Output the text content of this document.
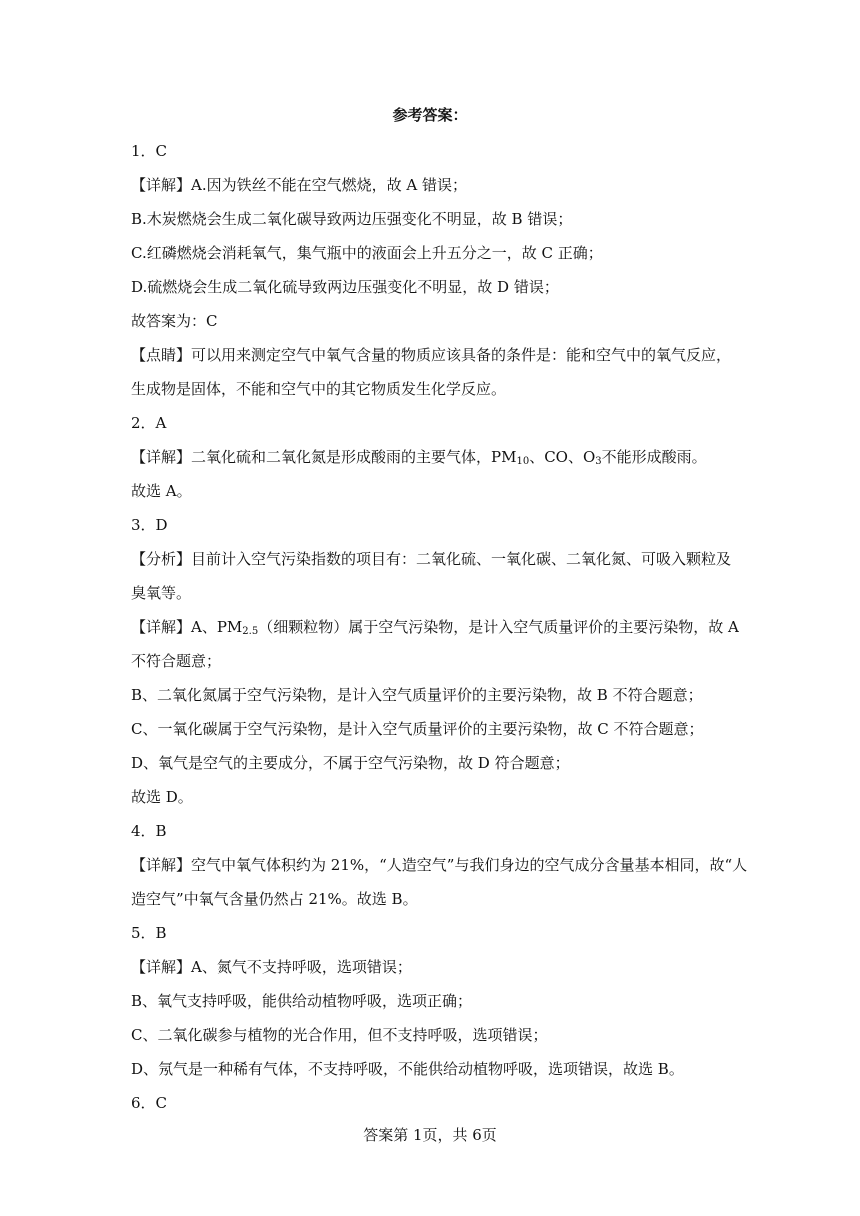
参考答案：
1．C
【详解】A.因为铁丝不能在空气燃烧，故 A 错误；
B.木炭燃烧会生成二氧化碳导致两边压强变化不明显，故 B 错误；
C.红磷燃烧会消耗氧气，集气瓶中的液面会上升五分之一，故 C 正确；
D.硫燃烧会生成二氧化硫导致两边压强变化不明显，故 D 错误；
故答案为：C
【点睛】可以用来测定空气中氧气含量的物质应该具备的条件是：能和空气中的氧气反应，
生成物是固体，不能和空气中的其它物质发生化学反应。
2．A
【详解】二氧化硫和二氧化氮是形成酸雨的主要气体，$PM_{10}$、CO、$O_3$不能形成酸雨。
故选 A。
3．D
【分析】目前计入空气污染指数的项目有：二氧化硫、一氧化碳、二氧化氮、可吸入颗粒及
臭氧等。
【详解】A、$PM_{2.5}$（细颗粒物）属于空气污染物，是计入空气质量评价的主要污染物，故 A
不符合题意；
B、二氧化氮属于空气污染物，是计入空气质量评价的主要污染物，故 B 不符合题意；
C、一氧化碳属于空气污染物，是计入空气质量评价的主要污染物，故 C 不符合题意；
D、氧气是空气的主要成分，不属于空气污染物，故 D 符合题意；
故选 D。
4．B
【详解】空气中氧气体积约为 21%，“人造空气”与我们身边的空气成分含量基本相同，故“人
造空气”中氧气含量仍然占 21%。故选 B。
5．B
【详解】A、氮气不支持呼吸，选项错误；
B、氧气支持呼吸，能供给动植物呼吸，选项正确；
C、二氧化碳参与植物的光合作用，但不支持呼吸，选项错误；
D、氖气是一种稀有气体，不支持呼吸，不能供给动植物呼吸，选项错误，故选 B。
6．C
答案第 1页，共 6页
